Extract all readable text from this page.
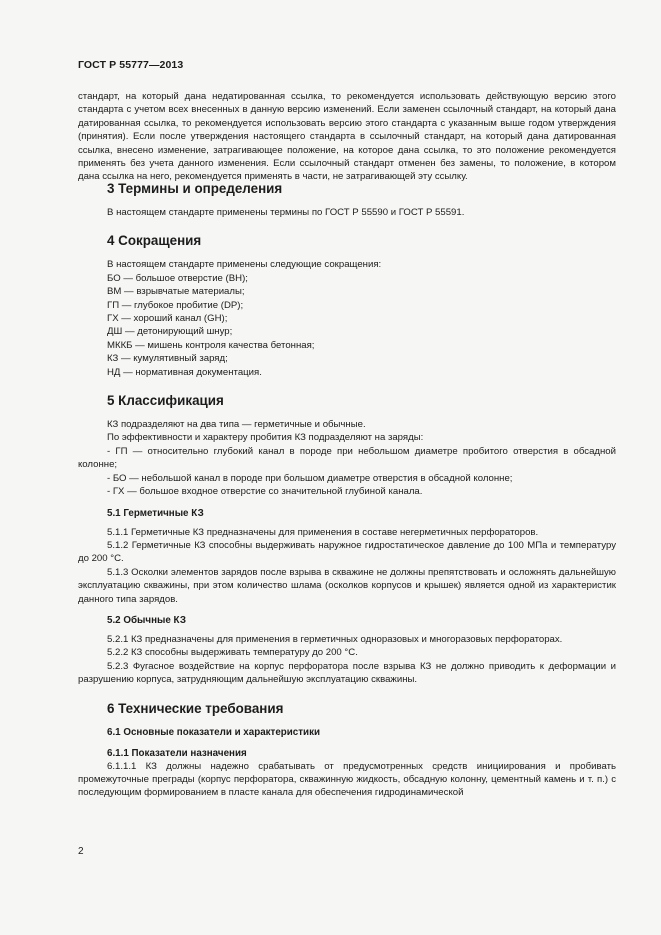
ГОСТ Р 55777—2013

стандарт, на который дана недатированная ссылка, то рекомендуется использовать действующую версию этого стандарта с учетом всех внесенных в данную версию изменений. Если заменен ссылочный стандарт, на который дана датированная ссылка, то рекомендуется использовать версию этого стандарта с указанным выше годом утверждения (принятия). Если после утверждения настоящего стандарта в ссылочный стандарт, на который дана датированная ссылка, внесено изменение, затрагивающее положение, на которое дана ссылка, то это положение рекомендуется применять без учета данного изменения. Если ссылочный стандарт отменен без замены, то положение, в котором дана ссылка на него, рекомендуется применять в части, не затрагивающей эту ссылку.

3 Термины и определения

В настоящем стандарте применены термины по ГОСТ Р 55590 и ГОСТ Р 55591.

4 Сокращения

В настоящем стандарте применены следующие сокращения:

БО — большое отверстие (BH);

ВМ — взрывчатые материалы;

ГП — глубокое пробитие (DP);

ГХ — хороший канал (GH);

ДШ — детонирующий шнур;

МККБ — мишень контроля качества бетонная;

КЗ — кумулятивный заряд;

НД — нормативная документация.

5 Классификация

КЗ подразделяют на два типа — герметичные и обычные.

По эффективности и характеру пробития КЗ подразделяют на заряды:

- ГП — относительно глубокий канал в породе при небольшом диаметре пробитого отверстия в обсадной колонне;

- БО — небольшой канал в породе при большом диаметре отверстия в обсадной колонне;

- ГХ — большое входное отверстие со значительной глубиной канала.

5.1 Герметичные КЗ

5.1.1 Герметичные КЗ предназначены для применения в составе негерметичных перфораторов.

5.1.2 Герметичные КЗ способны выдерживать наружное гидростатическое давление до 100 МПа и температуру до 200 °С.

5.1.3 Осколки элементов зарядов после взрыва в скважине не должны препятствовать и осложнять дальнейшую эксплуатацию скважины, при этом количество шлама (осколков корпусов и крышек) является одной из характеристик данного типа зарядов.

5.2 Обычные КЗ

5.2.1 КЗ предназначены для применения в герметичных одноразовых и многоразовых перфораторах.

5.2.2 КЗ способны выдерживать температуру до 200 °С.

5.2.3 Фугасное воздействие на корпус перфоратора после взрыва КЗ не должно приводить к деформации и разрушению корпуса, затрудняющим дальнейшую эксплуатацию скважины.

6 Технические требования
6.1 Основные показатели и характеристики
6.1.1 Показатели назначения

6.1.1.1 КЗ должны надежно срабатывать от предусмотренных средств инициирования и пробивать промежуточные преграды (корпус перфоратора, скважинную жидкость, обсадную колонну, цементный камень и т. п.) с последующим формированием в пласте канала для обеспечения гидродинамической

2
